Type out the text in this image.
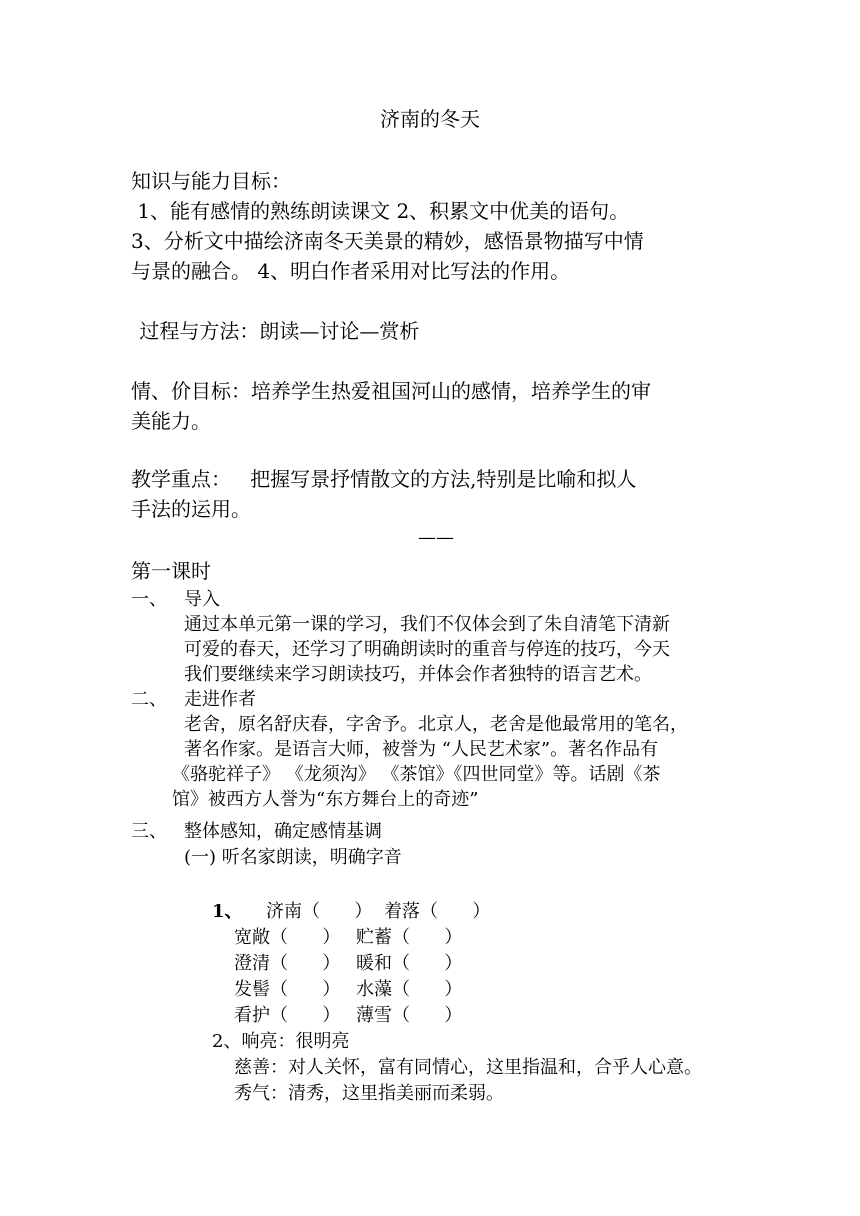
济南的冬天
知识与能力目标：
1、能有感情的熟练朗读课文 2、积累文中优美的语句。
3、分析文中描绘济南冬天美景的精妙，感悟景物描写中情
与景的融合。 4、明白作者采用对比写法的作用。
过程与方法：朗读—讨论—赏析
情、价目标：培养学生热爱祖国河山的感情，培养学生的审
美能力。
教学重点：   把握写景抒情散文的方法,特别是比喻和拟人
手法的运用。
——
第一课时
一、 导入
通过本单元第一课的学习，我们不仅体会到了朱自清笔下清新
可爱的春天，还学习了明确朗读时的重音与停连的技巧，今天
我们要继续来学习朗读技巧，并体会作者独特的语言艺术。
二、 走进作者
老舍，原名舒庆春，字舍予。北京人，老舍是他最常用的笔名，
著名作家。是语言大师，被誉为 “人民艺术家”。著名作品有
《骆驼祥子》 《龙须沟》 《茶馆》《四世同堂》等。话剧《茶
馆》被西方人誉为“东方舞台上的奇迹”
三、 整体感知，确定感情基调
(一) 听名家朗读，明确字音
1、 济南（      ） 着落（      ）
宽敞（      ） 贮蓄（      ）
澄清（      ） 暖和（      ）
发髻（      ） 水藻（      ）
看护（      ） 薄雪（      ）
2、响亮：很明亮
慈善：对人关怀，富有同情心，这里指温和，合乎人心意。
秀气：清秀，这里指美丽而柔弱。
